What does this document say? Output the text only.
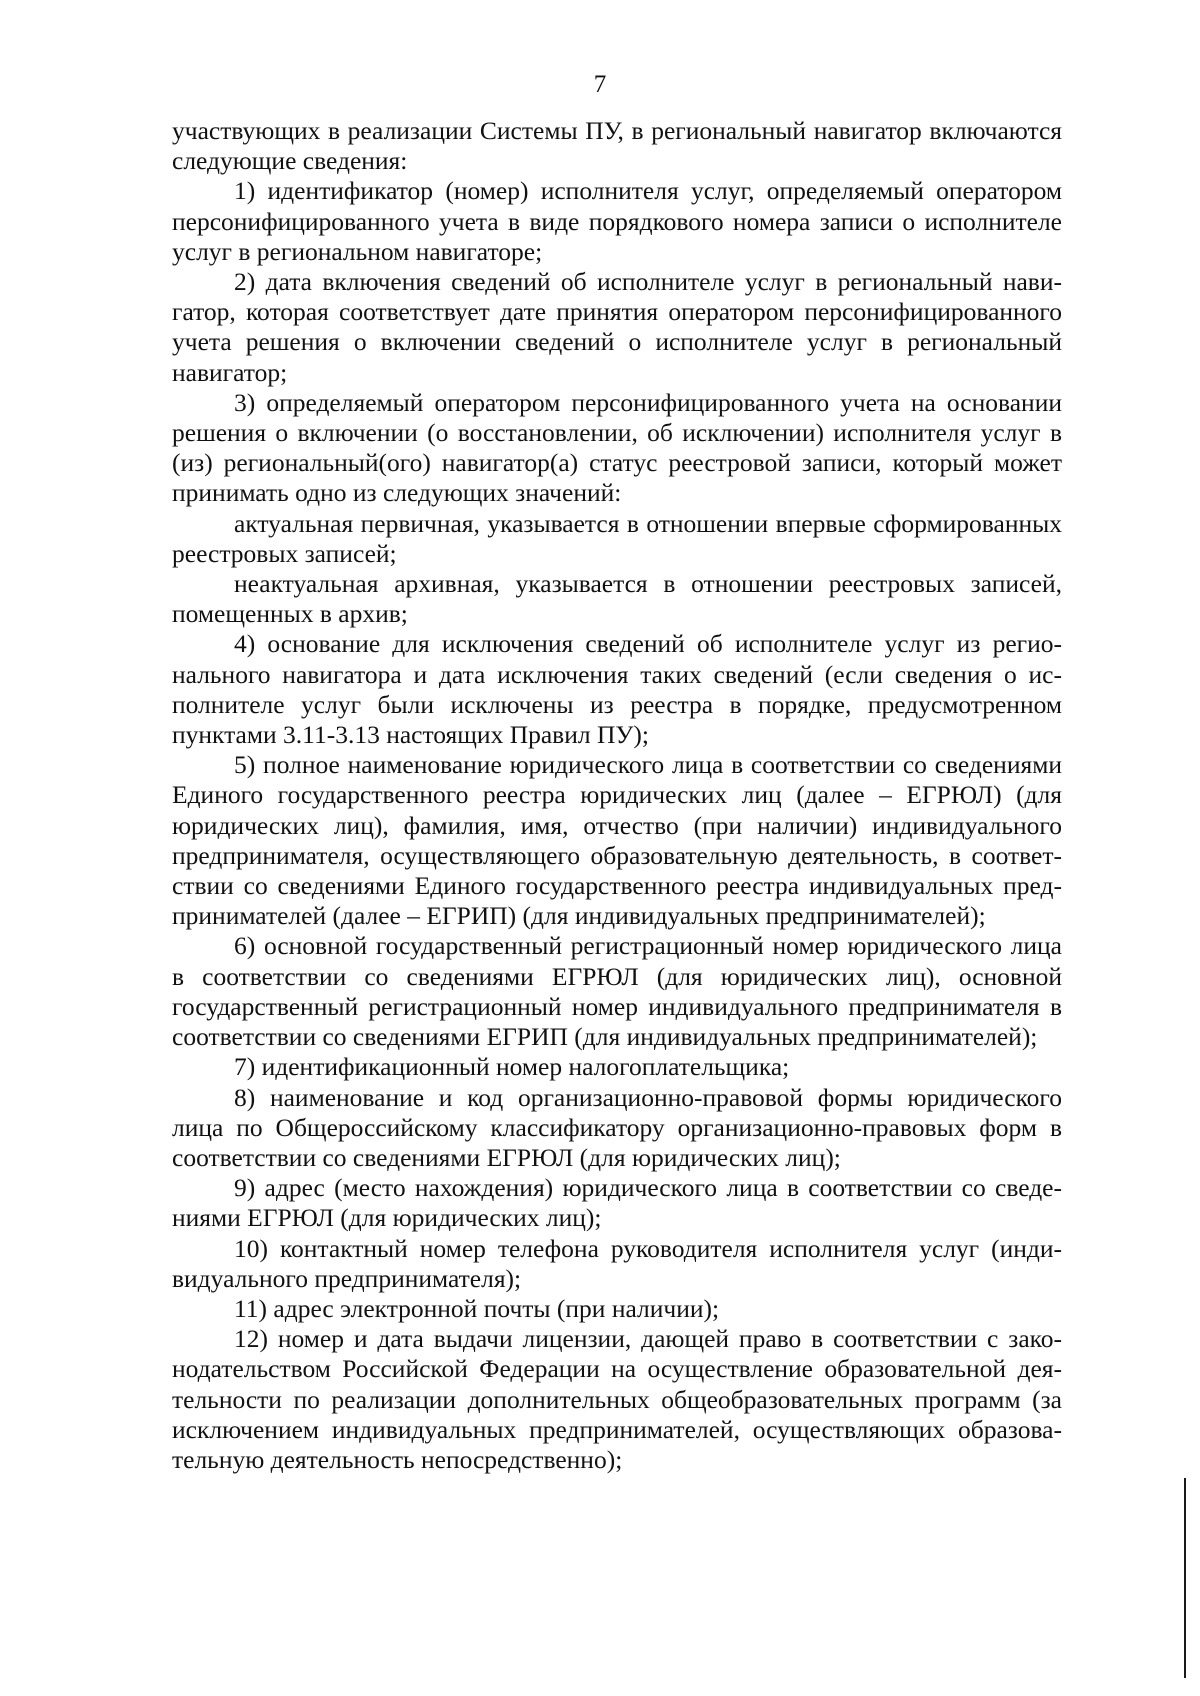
7

участвующих в реализации Системы ПУ, в региональный навигатор включаются следующие сведения:

1) идентификатор (номер) исполнителя услуг, определяемый оператором персонифицированного учета в виде порядкового номера записи о исполнителе услуг в региональном навигаторе;

2) дата включения сведений об исполнителе услуг в региональный навигатор, которая соответствует дате принятия оператором персонифицированного учета решения о включении сведений о исполнителе услуг в региональный навигатор;

3) определяемый оператором персонифицированного учета на основании решения о включении (о восстановлении, об исключении) исполнителя услуг в (из) региональный(ого) навигатор(а) статус реестровой записи, который может принимать одно из следующих значений:

актуальная первичная, указывается в отношении впервые сформированных реестровых записей;

неактуальная архивная, указывается в отношении реестровых записей, помещенных в архив;

4) основание для исключения сведений об исполнителе услуг из регионального навигатора и дата исключения таких сведений (если сведения о исполнителе услуг были исключены из реестра в порядке, предусмотренном пунктами 3.11-3.13 настоящих Правил ПУ);

5) полное наименование юридического лица в соответствии со сведениями Единого государственного реестра юридических лиц (далее – ЕГРЮЛ) (для юридических лиц), фамилия, имя, отчество (при наличии) индивидуального предпринимателя, осуществляющего образовательную деятельность, в соответствии со сведениями Единого государственного реестра индивидуальных предпринимателей (далее – ЕГРИП) (для индивидуальных предпринимателей);

6) основной государственный регистрационный номер юридического лица в соответствии со сведениями ЕГРЮЛ (для юридических лиц), основной государственный регистрационный номер индивидуального предпринимателя в соответствии со сведениями ЕГРИП (для индивидуальных предпринимателей);

7) идентификационный номер налогоплательщика;

8) наименование и код организационно-правовой формы юридического лица по Общероссийскому классификатору организационно-правовых форм в соответствии со сведениями ЕГРЮЛ (для юридических лиц);

9) адрес (место нахождения) юридического лица в соответствии со сведениями ЕГРЮЛ (для юридических лиц);

10) контактный номер телефона руководителя исполнителя услуг (индивидуального предпринимателя);

11) адрес электронной почты (при наличии);

12) номер и дата выдачи лицензии, дающей право в соответствии с законодательством Российской Федерации на осуществление образовательной деятельности по реализации дополнительных общеобразовательных программ (за исключением индивидуальных предпринимателей, осуществляющих образовательную деятельность непосредственно);
